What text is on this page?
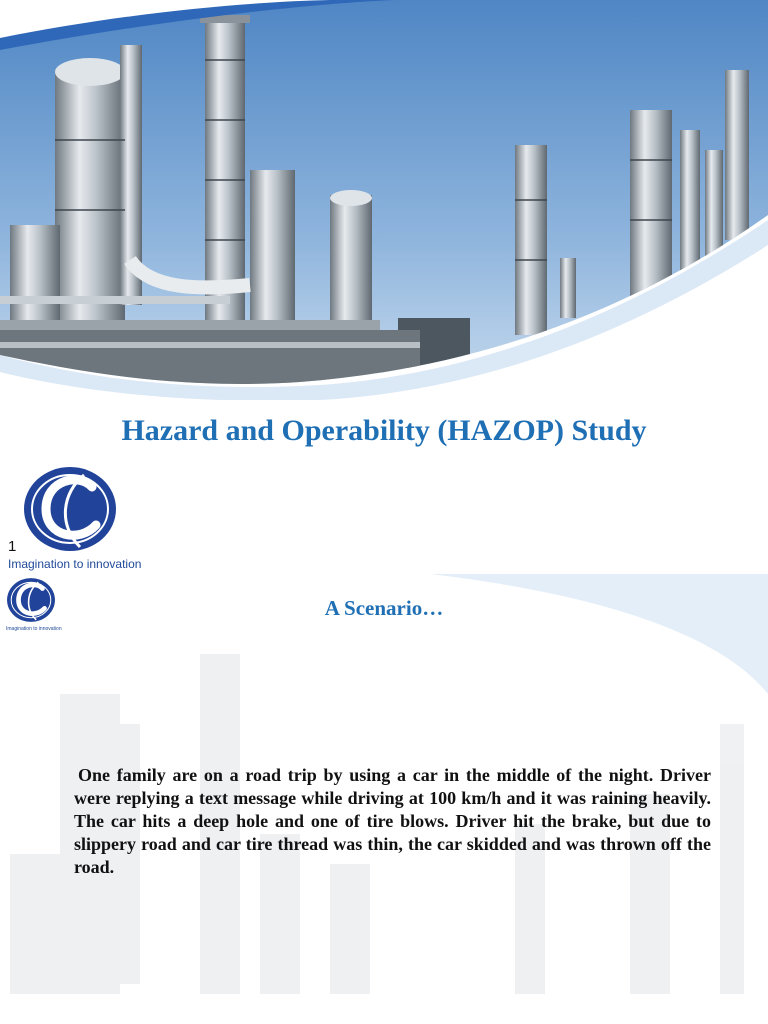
Hazard and Operability (HAZOP) Study
1
Imagination to innovation
Imagination to innovation
A Scenario…
One family are on a road trip by using a car in the middle of the night. Driver were replying a text message while driving at 100 km/h and it was raining heavily. The car hits a deep hole and one of tire blows. Driver hit the brake, but due to slippery road and car tire thread was thin, the car skidded and was thrown off the road.
